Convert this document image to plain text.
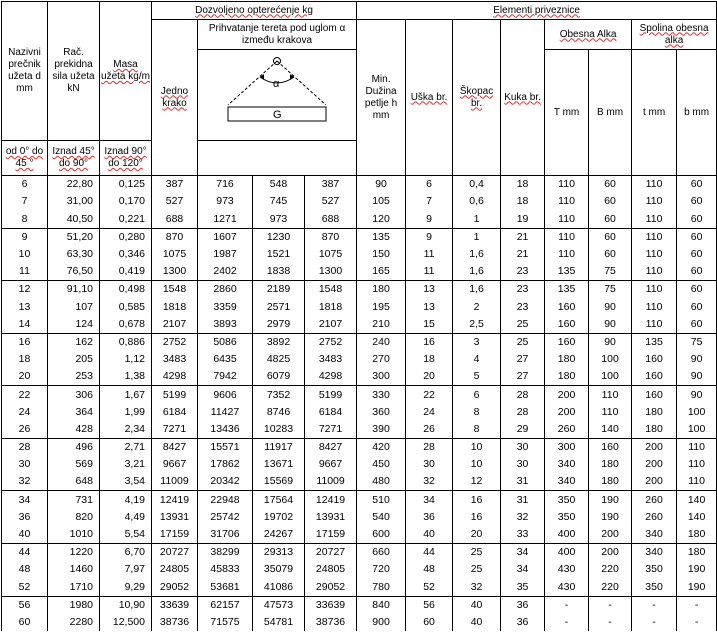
Nazivni prečnik užeta d mm	Rač. prekidna sila užeta kN	Masa užeta kg/m	Dozvoljeno opterećenje kg				Elementi priveznice							
			Jedno krako	Prihvatanje tereta pod uglom α između krakova			Min. Dužina petlje h mm	Uška br.	Škopac br.	Kuka br.	Obesna Alka		Spolina obesna alka	

α
G							T mm	B mm	t mm	b mm
od 0° do 45 °	Iznad 45° do 90°	Iznad 90° do 120°												
6	22,80	0,125	387	716	548	387	90	6	0,4	18	110	60	110	60
7	31,00	0,170	527	973	745	527	105	7	0,6	18	110	60	110	60
8	40,50	0,221	688	1271	973	688	120	9	1	19	110	60	110	60
9	51,20	0,280	870	1607	1230	870	135	9	1	21	110	60	110	60
10	63,30	0,346	1075	1987	1521	1075	150	11	1,6	21	110	60	110	60
11	76,50	0,419	1300	2402	1838	1300	165	11	1,6	23	135	75	110	60
12	91,10	0,498	1548	2860	2189	1548	180	13	1,6	23	135	75	110	60
13	107	0,585	1818	3359	2571	1818	195	13	2	23	160	90	110	60
14	124	0,678	2107	3893	2979	2107	210	15	2,5	25	160	90	110	60
16	162	0,886	2752	5086	3892	2752	240	16	3	25	160	90	135	75
18	205	1,12	3483	6435	4825	3483	270	18	4	27	180	100	160	90
20	253	1,38	4298	7942	6079	4298	300	20	5	27	180	100	160	90
22	306	1,67	5199	9606	7352	5199	330	22	6	28	200	110	160	90
24	364	1,99	6184	11427	8746	6184	360	24	8	28	200	110	180	100
26	428	2,34	7271	13436	10283	7271	390	26	8	29	260	140	180	100
28	496	2,71	8427	15571	11917	8427	420	28	10	30	300	160	200	110
30	569	3,21	9667	17862	13671	9667	450	30	10	30	340	180	200	110
32	648	3,54	11009	20342	15569	11009	480	32	12	31	340	180	200	110
34	731	4,19	12419	22948	17564	12419	510	34	16	31	350	190	260	140
36	820	4,49	13931	25742	19702	13931	540	36	16	32	350	190	260	140
40	1010	5,54	17159	31706	24267	17159	600	40	20	33	400	200	340	180
44	1220	6,70	20727	38299	29313	20727	660	44	25	34	400	200	340	180
48	1460	7,97	24805	45833	35079	24805	720	48	25	34	430	220	350	190
52	1710	9,29	29052	53681	41086	29052	780	52	32	35	430	220	350	190
56	1980	10,90	33639	62157	47573	33639	840	56	40	36	-	-	-	-
60	2280	12,500	38736	71575	54781	38736	900	60	40	36	-	-	-	-
